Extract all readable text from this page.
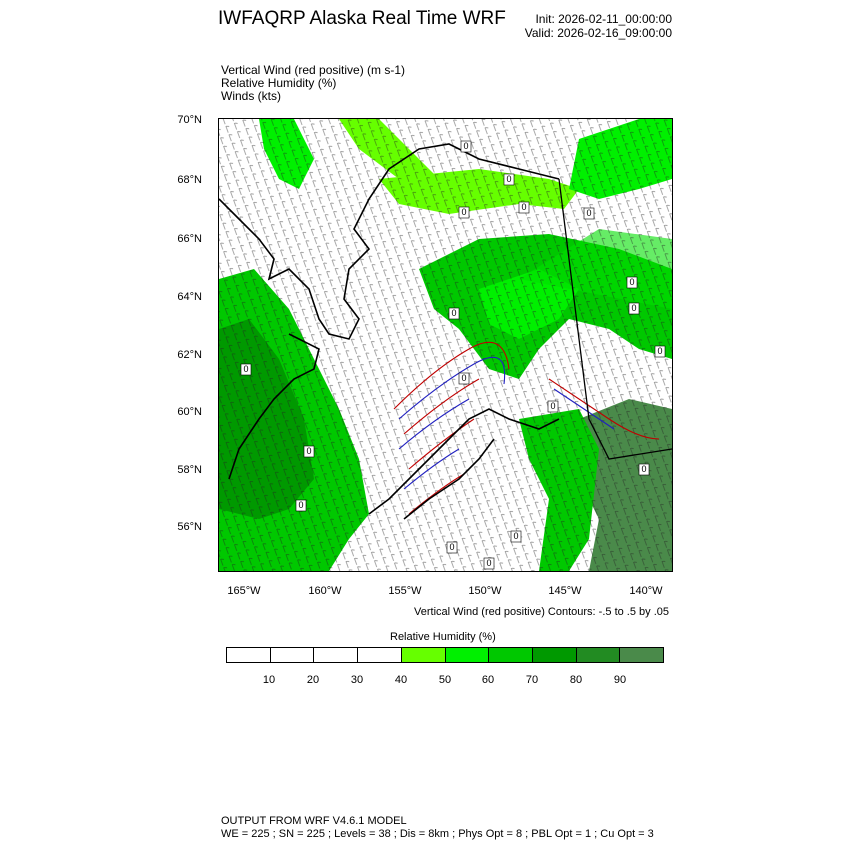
IWFAQRP Alaska Real Time WRF Init: 2026-02-11_00:00:00
Valid: 2026-02-16_09:00:00
Vertical Wind (red positive) (m s-1)
Relative Humidity (%)
Winds (kts)
0
0
0	0
0
0
0
0
0
0
0
0
0
0
0
0
0
0
70°N
68°N
66°N
64°N
62°N
60°N
58°N
56°N
165°W	160°W	155°W	150°W	145°W	140°W
Vertical Wind (red positive) Contours: -.5 to .5 by .05
Relative Humidity (%)
10	20	30	40	50	60	70	80	90
OUTPUT FROM WRF V4.6.1 MODEL
WE = 225 ; SN = 225 ; Levels = 38 ; Dis = 8km ; Phys Opt = 8 ; PBL Opt = 1 ; Cu Opt = 3
